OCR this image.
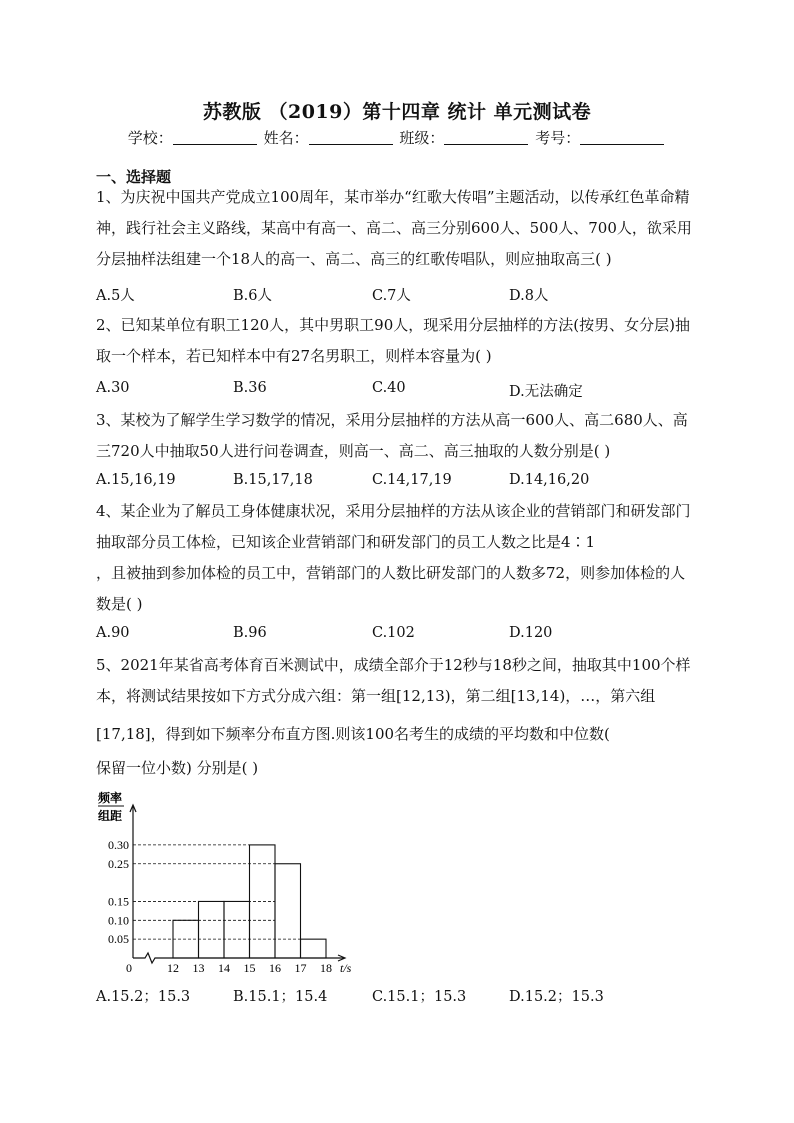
苏教版 （2019）第十四章 统计 单元测试卷
学校：	姓名：	班级：	考号：
一、选择题
1、为庆祝中国共产党成立100周年，某市举办“红歌大传唱”主题活动，以传承红色革命精神，践行社会主义路线，某高中有高一、高二、高三分别600人、500人、700人，欲采用分层抽样法组建一个18人的高一、高二、高三的红歌传唱队，则应抽取高三( )
A.5人	B.6人	C.7人	D.8人
2、已知某单位有职工120人，其中男职工90人，现采用分层抽样的方法(按男、女分层)抽取一个样本，若已知样本中有27名男职工，则样本容量为( )
A.30	B.36	C.40	D.无法确定
3、某校为了解学生学习数学的情况，采用分层抽样的方法从高一600人、高二680人、高三720人中抽取50人进行问卷调查，则高一、高二、高三抽取的人数分别是( )
A.15,16,19	B.15,17,18	C.14,17,19	D.14,16,20
4、某企业为了解员工身体健康状况，采用分层抽样的方法从该企业的营销部门和研发部门抽取部分员工体检，已知该企业营销部门和研发部门的员工人数之比是4∶1
，且被抽到参加体检的员工中，营销部门的人数比研发部门的人数多72，则参加体检的人数是( )
A.90	B.96	C.102	D.120
5、2021年某省高考体育百米测试中，成绩全部介于12秒与18秒之间，抽取其中100个样本，将测试结果按如下方式分成六组：第一组[12,13)，第二组[13,14)，…，第六组
[17,18]，得到如下频率分布直方图.则该100名考生的成绩的平均数和中位数(
保留一位小数) 分别是( )
频率
组距
t/s
0
0.05
0.10
0.15
0.25
0.30
12 13 14 15 16 17 18
A.15.2；15.3	B.15.1；15.4	C.15.1；15.3	D.15.2；15.3
